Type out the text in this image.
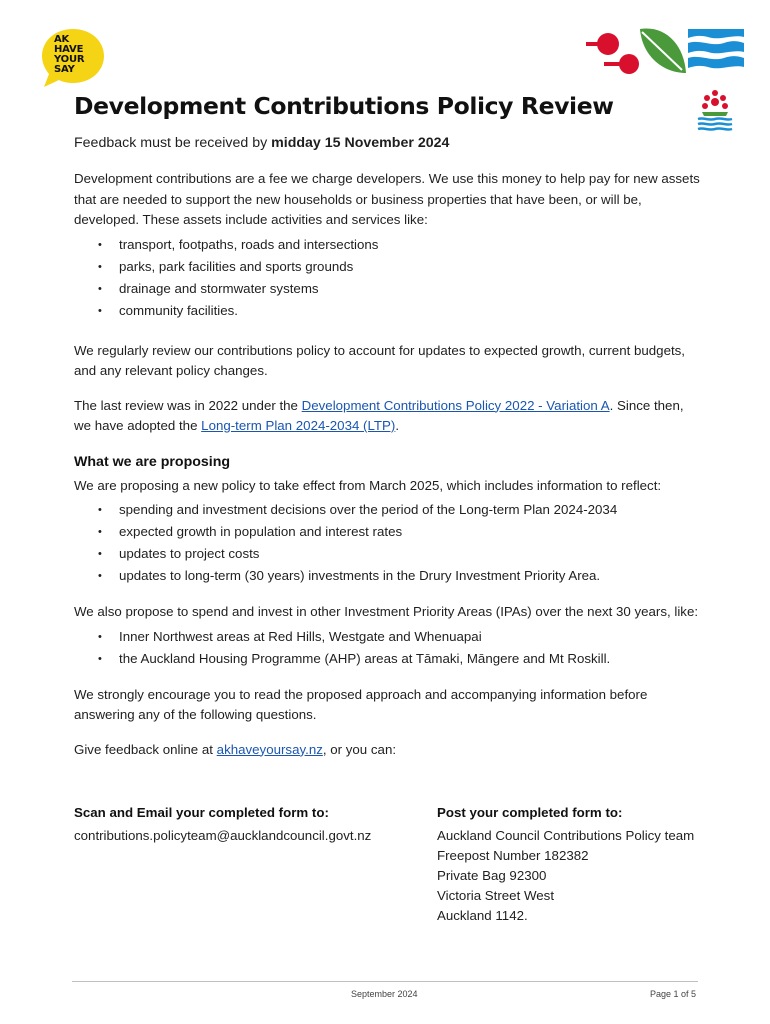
AK
HAVE
YOUR
SAY
Development Contributions Policy Review

Feedback must be received by midday 15 November 2024

Development contributions are a fee we charge developers. We use this money to help pay for new assets that are needed to support the new households or business properties that have been, or will be, developed. These assets include activities and services like:

• transport, footpaths, roads and intersections
• parks, park facilities and sports grounds
• drainage and stormwater systems
• community facilities.

We regularly review our contributions policy to account for updates to expected growth, current budgets, and any relevant policy changes.

The last review was in 2022 under the Development Contributions Policy 2022 - Variation A. Since then, we have adopted the Long-term Plan 2024-2034 (LTP).

What we are proposing

We are proposing a new policy to take effect from March 2025, which includes information to reflect:

• spending and investment decisions over the period of the Long-term Plan 2024-2034
• expected growth in population and interest rates
• updates to project costs
• updates to long-term (30 years) investments in the Drury Investment Priority Area.

We also propose to spend and invest in other Investment Priority Areas (IPAs) over the next 30 years, like:

• Inner Northwest areas at Red Hills, Westgate and Whenuapai
• the Auckland Housing Programme (AHP) areas at Tāmaki, Māngere and Mt Roskill.

We strongly encourage you to read the proposed approach and accompanying information before answering any of the following questions.

Give feedback online at akhaveyoursay.nz, or you can:

Scan and Email your completed form to:
contributions.policyteam@aucklandcouncil.govt.nz
Post your completed form to:
Auckland Council Contributions Policy team
Freepost Number 182382
Private Bag 92300
Victoria Street West
Auckland 1142.
September 2024	Page 1 of 5
